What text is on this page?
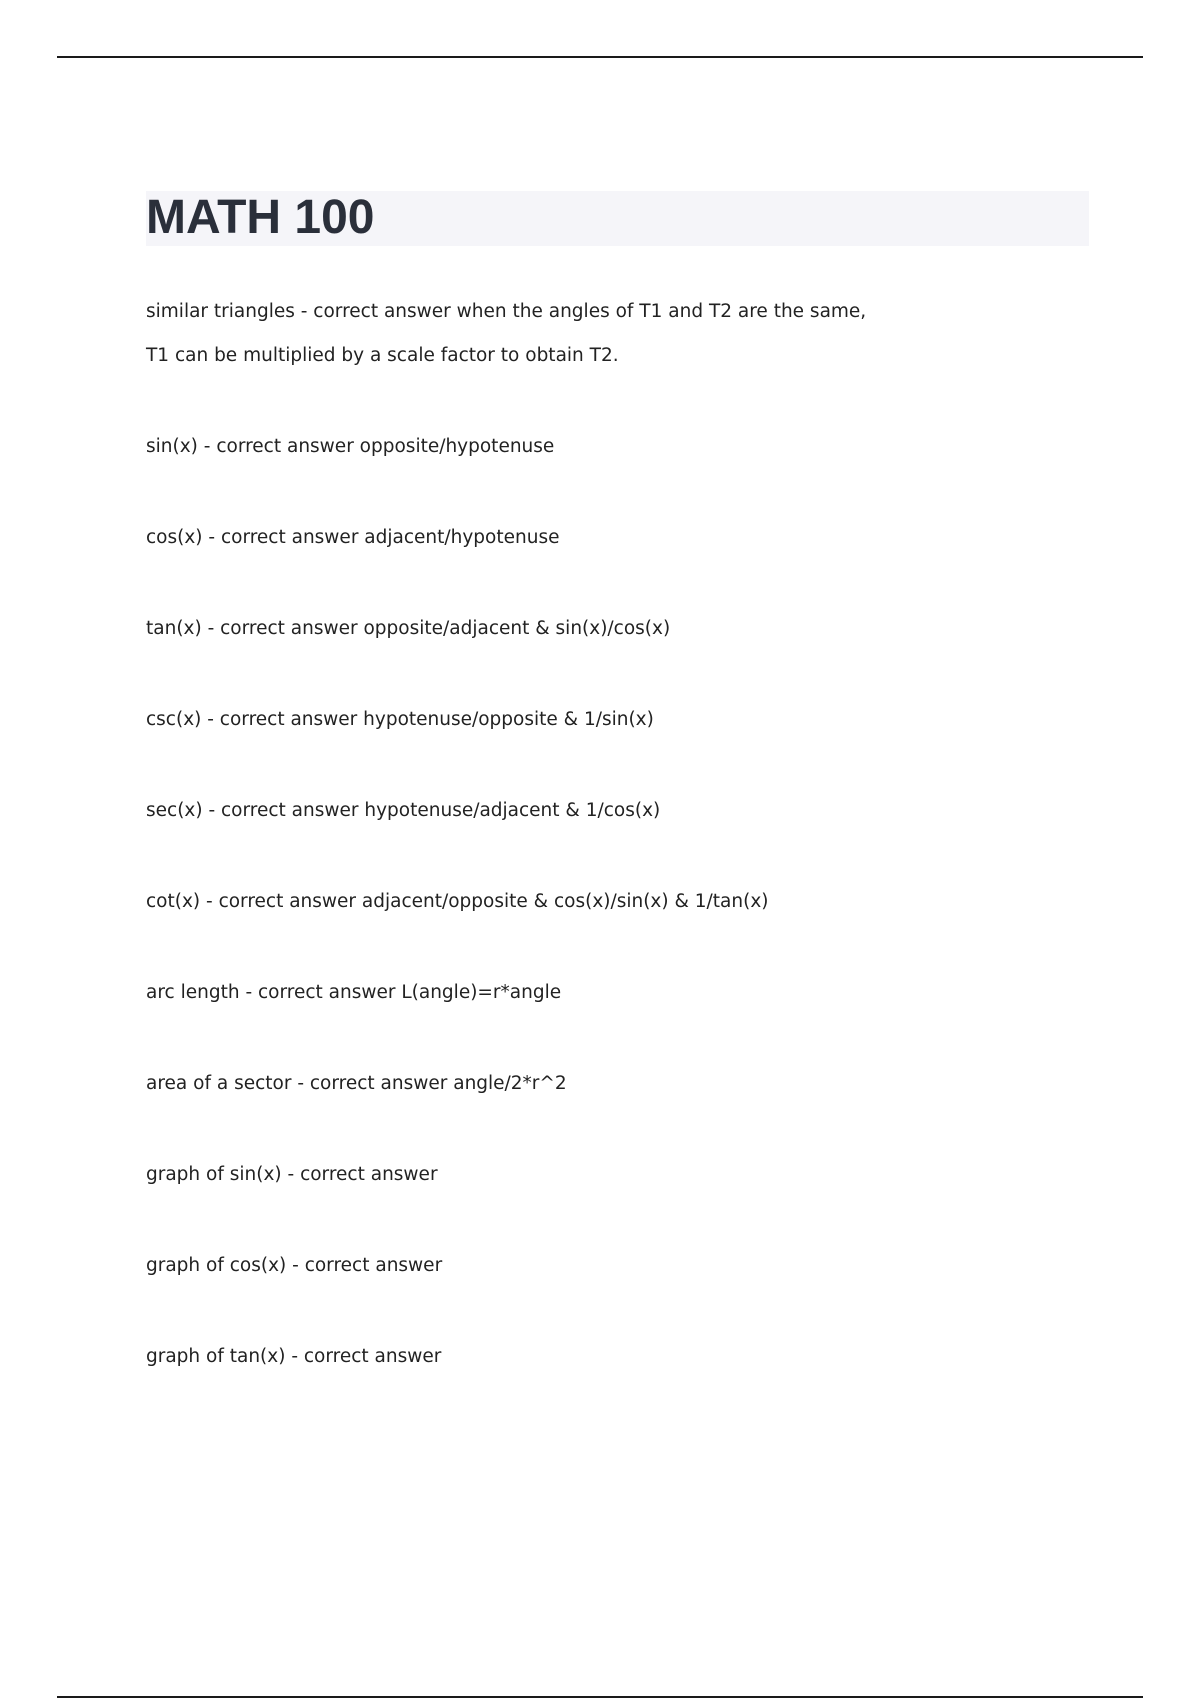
MATH 100

similar triangles - correct answer when the angles of T1 and T2 are the same,
T1 can be multiplied by a scale factor to obtain T2.

sin(x) - correct answer opposite/hypotenuse

cos(x) - correct answer adjacent/hypotenuse

tan(x) - correct answer opposite/adjacent & sin(x)/cos(x)

csc(x) - correct answer hypotenuse/opposite & 1/sin(x)

sec(x) - correct answer hypotenuse/adjacent & 1/cos(x)

cot(x) - correct answer adjacent/opposite & cos(x)/sin(x) & 1/tan(x)

arc length - correct answer L(angle)=r*angle

area of a sector - correct answer angle/2*r^2

graph of sin(x) - correct answer

graph of cos(x) - correct answer

graph of tan(x) - correct answer
